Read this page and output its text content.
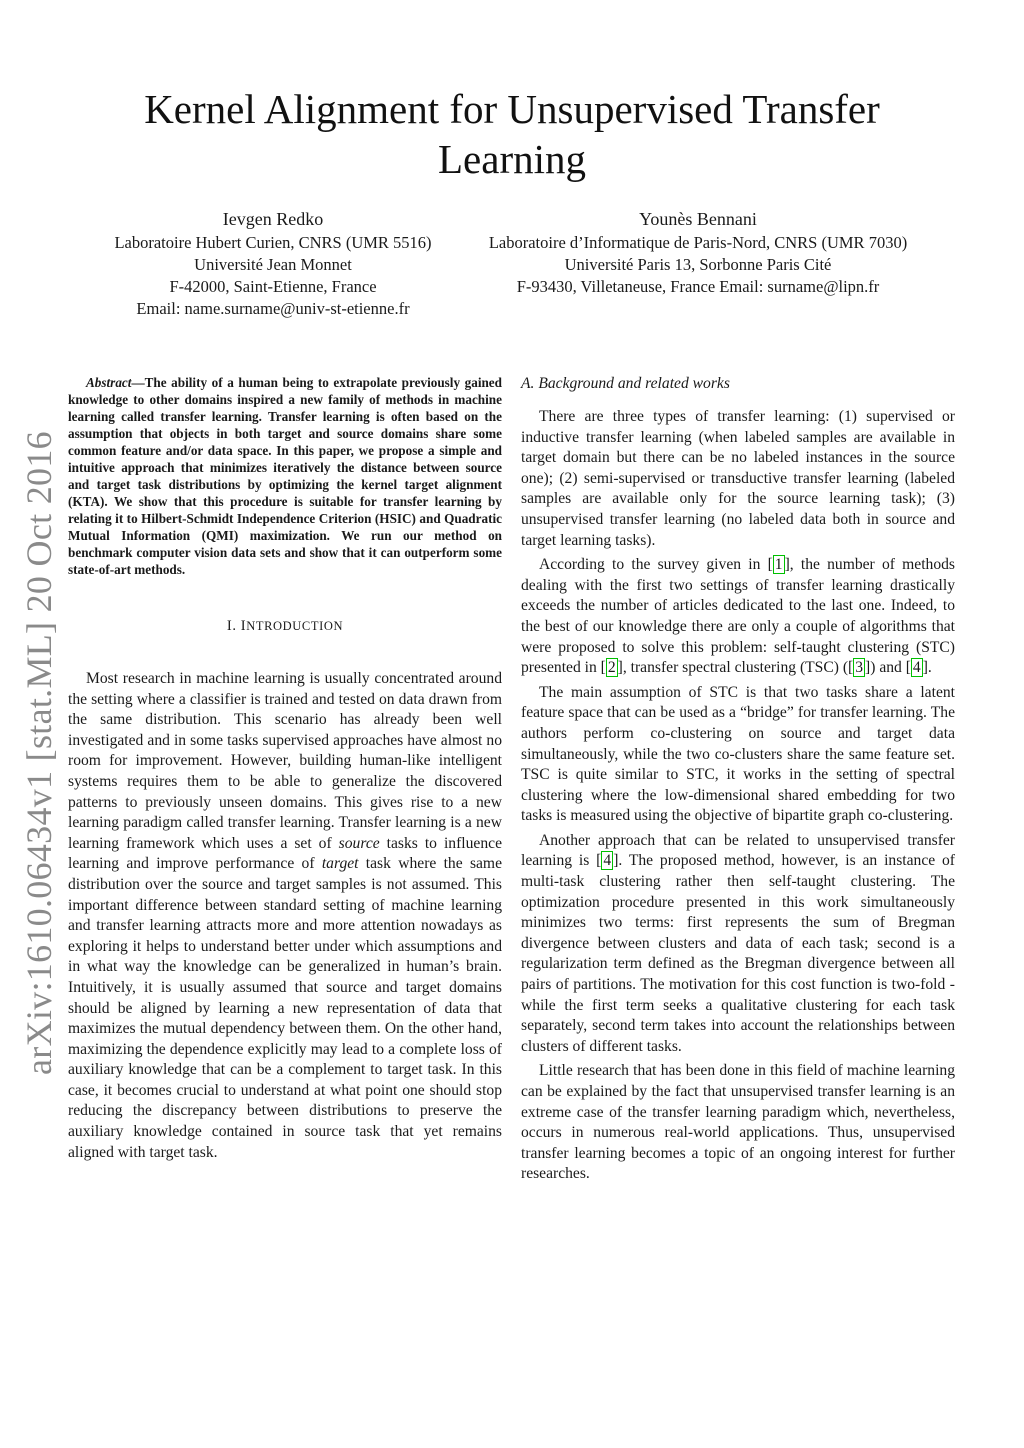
arXiv:1610.06434v1 [stat.ML] 20 Oct 2016
Kernel Alignment for Unsupervised Transfer Learning
Ievgen Redko
Laboratoire Hubert Curien, CNRS (UMR 5516)
Université Jean Monnet
F-42000, Saint-Etienne, France
Email: name.surname@univ-st-etienne.fr
Younès Bennani
Laboratoire d’Informatique de Paris-Nord, CNRS (UMR 7030)
Université Paris 13, Sorbonne Paris Cité
F-93430, Villetaneuse, France Email: surname@lipn.fr

Abstract—The ability of a human being to extrapolate previously gained knowledge to other domains inspired a new family of methods in machine learning called transfer learning. Transfer learning is often based on the assumption that objects in both target and source domains share some common feature and/or data space. In this paper, we propose a simple and intuitive approach that minimizes iteratively the distance between source and target task distributions by optimizing the kernel target alignment (KTA). We show that this procedure is suitable for transfer learning by relating it to Hilbert-Schmidt Independence Criterion (HSIC) and Quadratic Mutual Information (QMI) maximization. We run our method on benchmark computer vision data sets and show that it can outperform some state-of-art methods.

I. INTRODUCTION

Most research in machine learning is usually concentrated around the setting where a classifier is trained and tested on data drawn from the same distribution. This scenario has already been well investigated and in some tasks supervised approaches have almost no room for improvement. However, building human-like intelligent systems requires them to be able to generalize the discovered patterns to previously unseen domains. This gives rise to a new learning paradigm called transfer learning. Transfer learning is a new learning framework which uses a set of source tasks to influence learning and improve performance of target task where the same distribution over the source and target samples is not assumed. This important difference between standard setting of machine learning and transfer learning attracts more and more attention nowadays as exploring it helps to understand better under which assumptions and in what way the knowledge can be generalized in human’s brain. Intuitively, it is usually assumed that source and target domains should be aligned by learning a new representation of data that maximizes the mutual dependency between them. On the other hand, maximizing the dependence explicitly may lead to a complete loss of auxiliary knowledge that can be a complement to target task. In this case, it becomes crucial to understand at what point one should stop reducing the discrepancy between distributions to preserve the auxiliary knowledge contained in source task that yet remains aligned with target task.

A. Background and related works

There are three types of transfer learning: (1) supervised or inductive transfer learning (when labeled samples are available in target domain but there can be no labeled instances in the source one); (2) semi-supervised or transductive transfer learning (labeled samples are available only for the source learning task); (3) unsupervised transfer learning (no labeled data both in source and target learning tasks).

According to the survey given in [ 1 ], the number of methods dealing with the first two settings of transfer learning drastically exceeds the number of articles dedicated to the last one. Indeed, to the best of our knowledge there are only a couple of algorithms that were proposed to solve this problem: self-taught clustering (STC) presented in [ 2 ], transfer spectral clustering (TSC) ([ 3 ]) and [ 4 ].

The main assumption of STC is that two tasks share a latent feature space that can be used as a “bridge” for transfer learning. The authors perform co-clustering on source and target data simultaneously, while the two co-clusters share the same feature set. TSC is quite similar to STC, it works in the setting of spectral clustering where the low-dimensional shared embedding for two tasks is measured using the objective of bipartite graph co-clustering.

Another approach that can be related to unsupervised transfer learning is [ 4 ]. The proposed method, however, is an instance of multi-task clustering rather then self-taught clustering. The optimization procedure presented in this work simultaneously minimizes two terms: first represents the sum of Bregman divergence between clusters and data of each task; second is a regularization term defined as the Bregman divergence between all pairs of partitions. The motivation for this cost function is two-fold - while the first term seeks a qualitative clustering for each task separately, second term takes into account the relationships between clusters of different tasks.

Little research that has been done in this field of machine learning can be explained by the fact that unsupervised transfer learning is an extreme case of the transfer learning paradigm which, nevertheless, occurs in numerous real-world applications. Thus, unsupervised transfer learning becomes a topic of an ongoing interest for further researches.
